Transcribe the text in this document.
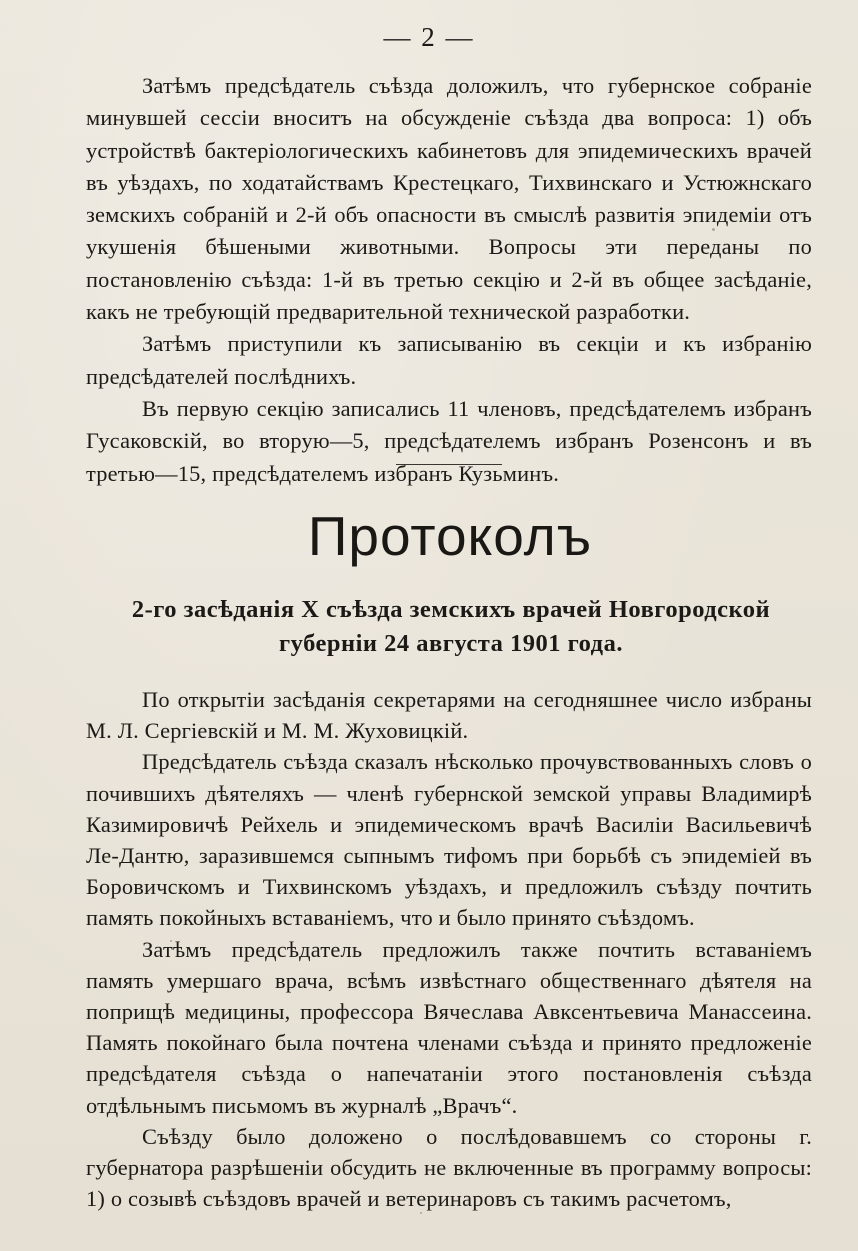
— 2 —

Затѣмъ предсѣдатель съѣзда доложилъ, что губернское собраніе минувшей сессіи вноситъ на обсужденіе съѣзда два вопроса: 1) объ устройствѣ бактеріологическихъ кабинетовъ для эпидемическихъ врачей въ уѣздахъ, по ходатайствамъ Крестецкаго, Тихвинскаго и Устюжнскаго земскихъ собраній и 2-й объ опасности въ смыслѣ развитія эпидеміи отъ укушенія бѣшеными животными. Вопросы эти переданы по постановленію съѣзда: 1-й въ третью секцію и 2-й въ общее засѣданіе, какъ не требующій предварительной технической разработки.

Затѣмъ приступили къ записыванію въ секціи и къ избранію предсѣдателей послѣднихъ.

Въ первую секцію записались 11 членовъ, предсѣдателемъ избранъ Гусаковскій, во вторую—5, предсѣдателемъ избранъ Розенсонъ и въ третью—15, предсѣдателемъ избранъ Кузьминъ.

Протоколъ
2-го засѣданія X съѣзда земскихъ врачей Новгородской
губерніи 24 августа 1901 года.

По открытіи засѣданія секретарями на сегодняшнее число избраны М. Л. Сергіевскій и М. М. Жуховицкій.

Предсѣдатель съѣзда сказалъ нѣсколько прочувствованныхъ словъ о почившихъ дѣятеляхъ — членѣ губернской земской управы Владимирѣ Казимировичѣ Рейхель и эпидемическомъ врачѣ Василіи Васильевичѣ Ле-Дантю, заразившемся сыпнымъ тифомъ при борьбѣ съ эпидеміей въ Боровичскомъ и Тихвинскомъ уѣздахъ, и предложилъ съѣзду почтить память покойныхъ вставаніемъ, что и было принято съѣздомъ.

Затѣмъ предсѣдатель предложилъ также почтить вставаніемъ память умершаго врача, всѣмъ извѣстнаго общественнаго дѣятеля на поприщѣ медицины, профессора Вячеслава Авксентьевича Манассеина. Память покойнаго была почтена членами съѣзда и принято предложеніе предсѣдателя съѣзда о напечатаніи этого постановленія съѣзда отдѣльнымъ письмомъ въ журналѣ „Врачъ“.

Съѣзду было доложено о послѣдовавшемъ со стороны г. губернатора разрѣшеніи обсудить не включенные въ программу вопросы: 1) о созывѣ съѣздовъ врачей и ветеринаровъ съ такимъ расчетомъ,
